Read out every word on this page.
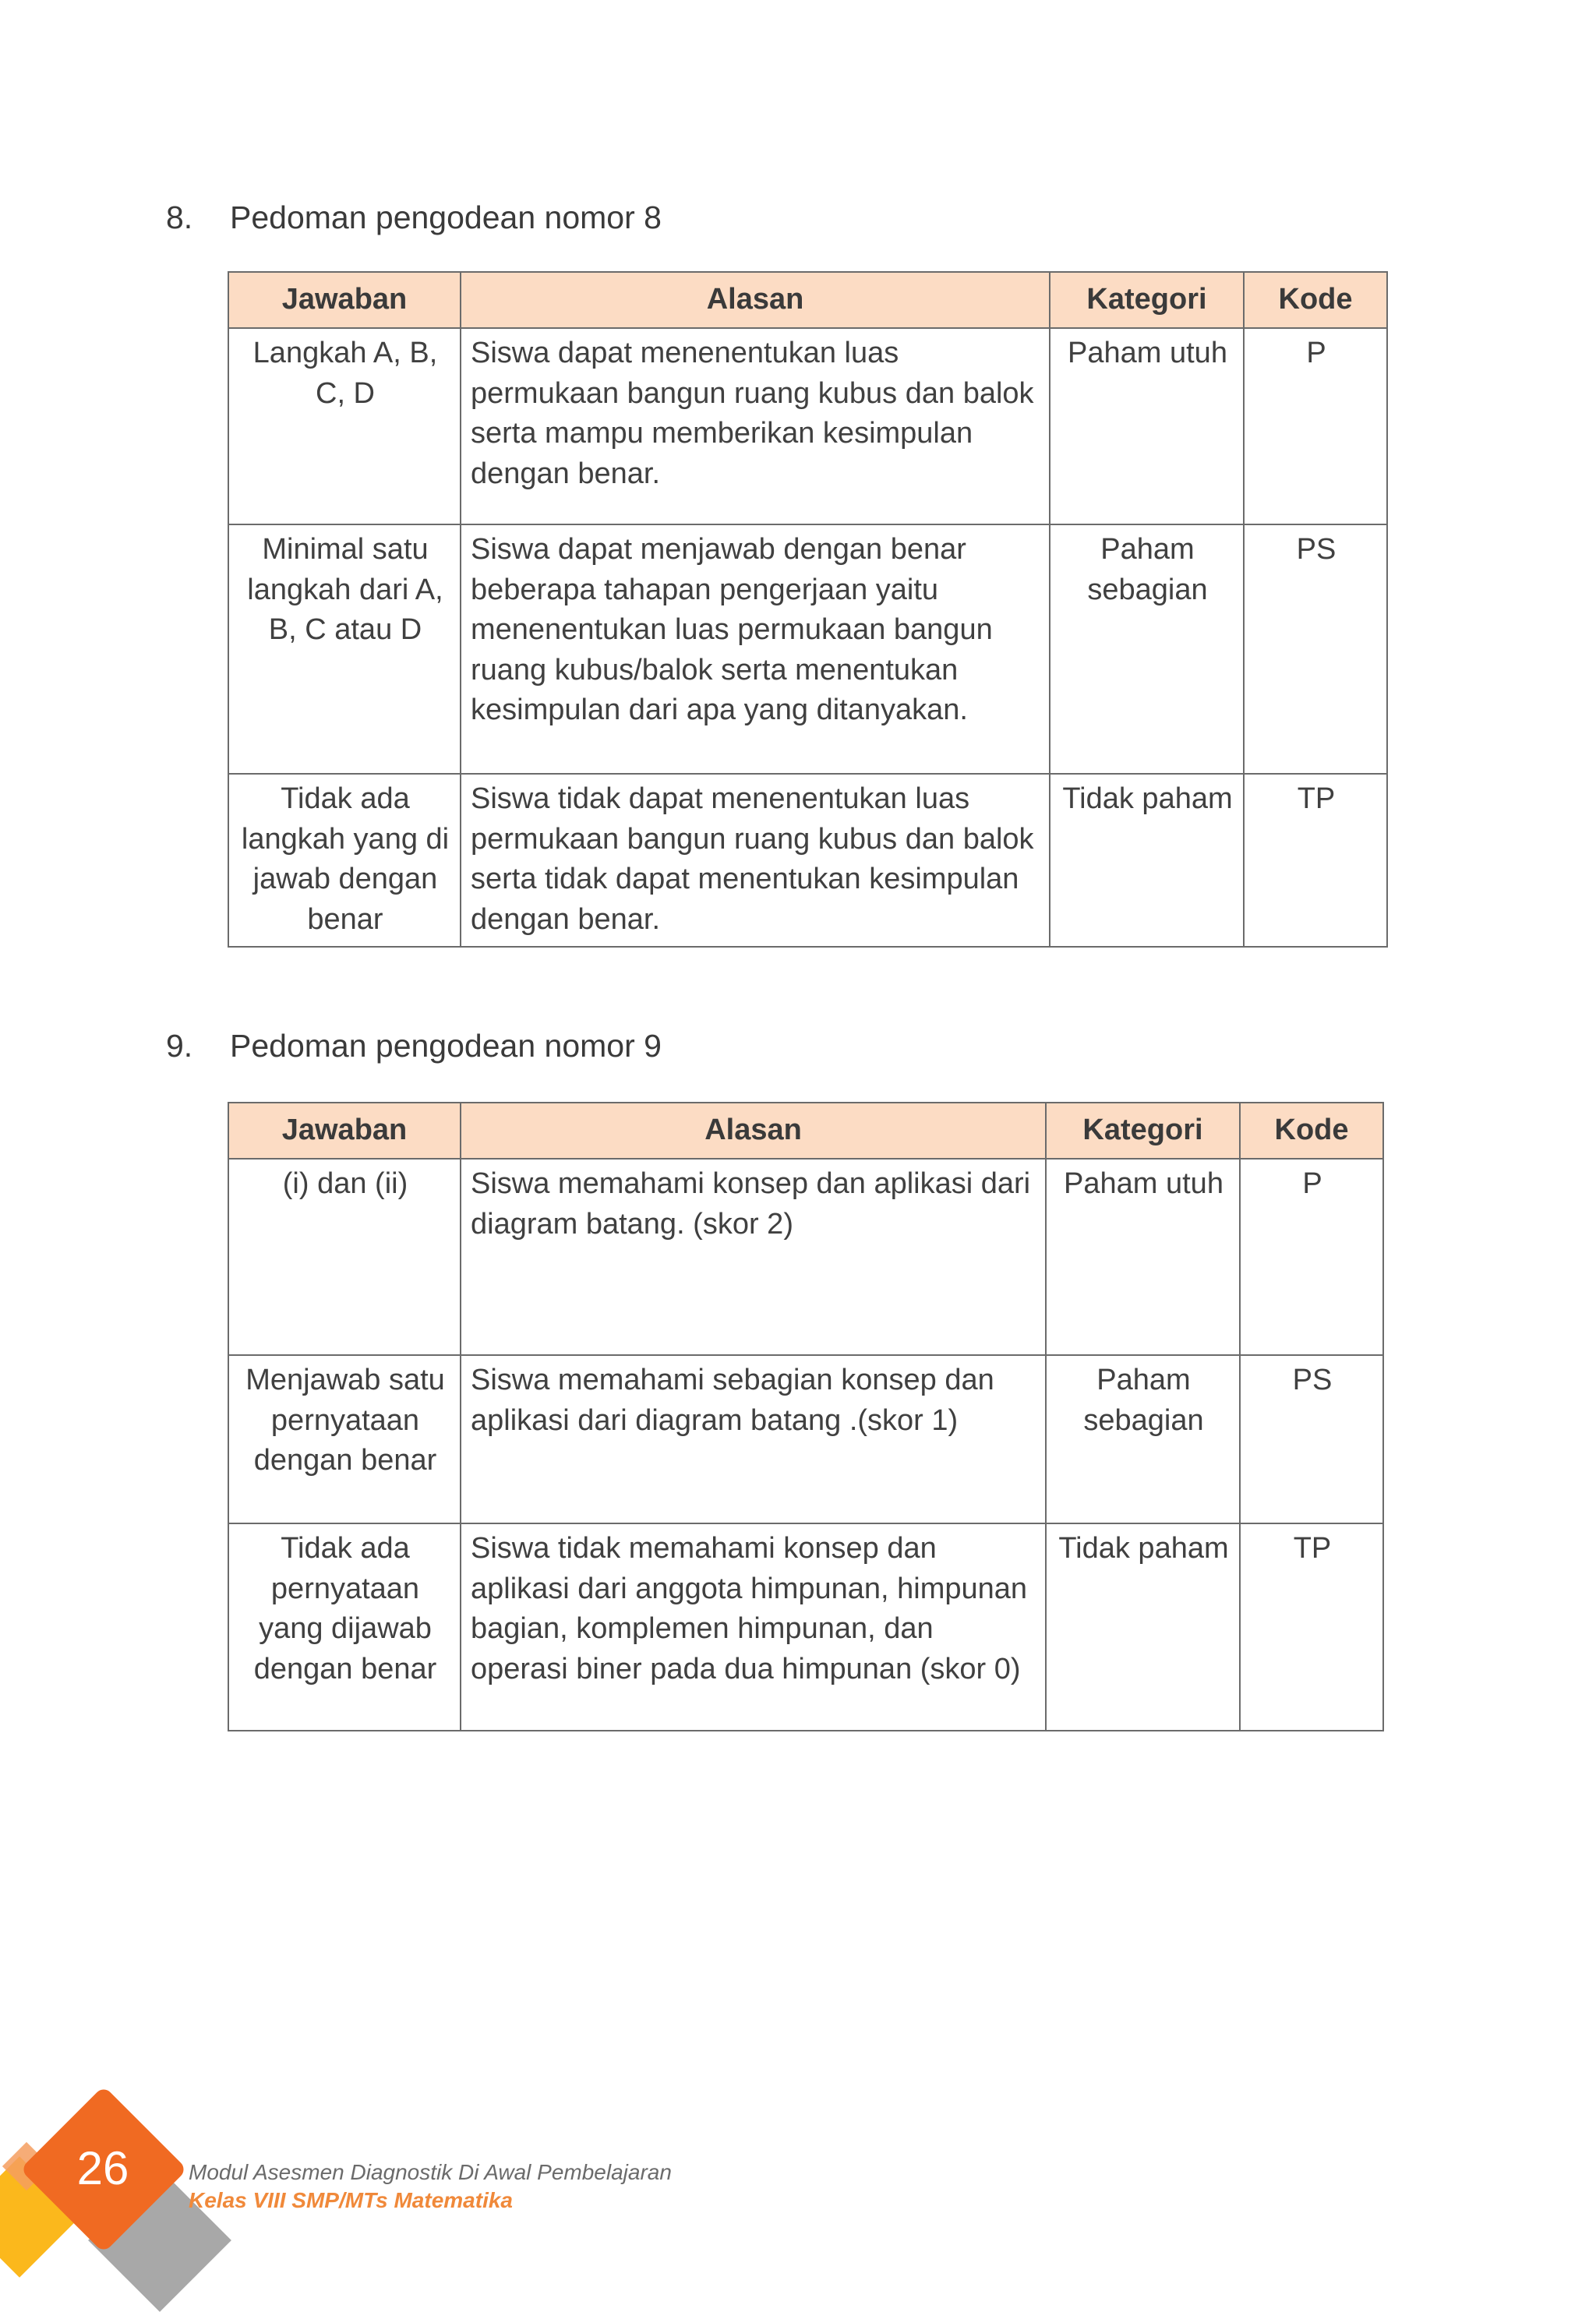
8. Pedoman pengodean nomor 8
Jawaban	Alasan	Kategori	Kode
Langkah A, B, C, D	Siswa dapat menenentukan luas permukaan bangun ruang kubus dan balok serta mampu memberikan kesimpulan dengan benar.	Paham utuh	P
Minimal satu langkah dari A, B, C atau D	Siswa dapat menjawab dengan benar beberapa tahapan pengerjaan yaitu menenentukan luas permukaan bangun ruang kubus/balok serta menentukan kesimpulan dari apa yang ditanyakan.	Paham sebagian	PS
Tidak ada langkah yang di jawab dengan benar	Siswa tidak dapat menenentukan luas permukaan bangun ruang kubus dan balok serta tidak dapat menentukan kesimpulan dengan benar.	Tidak paham	TP
9. Pedoman pengodean nomor 9
Jawaban	Alasan	Kategori	Kode
(i) dan (ii)	Siswa memahami konsep dan aplikasi dari diagram batang. (skor 2)	Paham utuh	P
Menjawab satu pernyataan dengan benar	Siswa memahami sebagian konsep dan aplikasi dari diagram batang .(skor 1)	Paham sebagian	PS
Tidak ada pernyataan yang dijawab dengan benar	Siswa tidak memahami konsep dan aplikasi dari anggota himpunan, himpunan bagian, komplemen himpunan, dan operasi biner pada dua himpunan (skor 0)	Tidak paham	TP
26	Modul Asesmen Diagnostik Di Awal Pembelajaran
Kelas VIII SMP/MTs Matematika
